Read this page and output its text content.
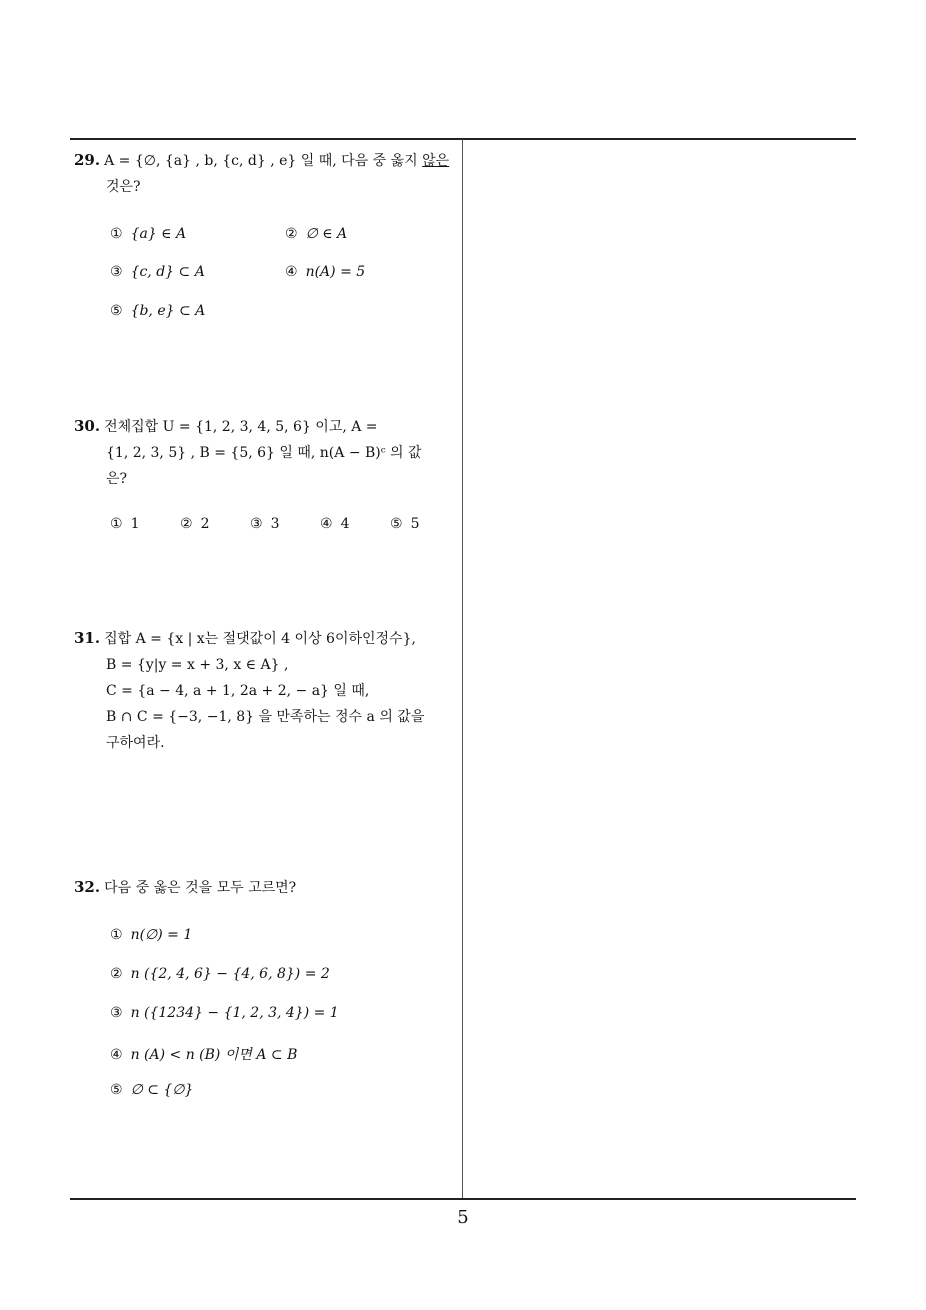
29. A = {∅, {a} , b, {c, d} , e} 일 때, 다음 중 옳지 않은
것은?
① {a} ∈ A	② ∅ ∈ A
③ {c, d} ⊂ A	④ n(A) = 5
⑤ {b, e} ⊂ A
30. 전체집합 U = {1, 2, 3, 4, 5, 6} 이고, A =
{1, 2, 3, 5} , B = {5, 6} 일 때, n(A − B)ᶜ 의 값
은?
① 1	② 2	③ 3	④ 4	⑤ 5
31. 집합 A = {x | x는 절댓값이 4 이상 6이하인정수},
B = {y|y = x + 3, x ∈ A} ,
C = {a − 4, a + 1, 2a + 2, − a} 일 때,
B ∩ C = {−3, −1, 8} 을 만족하는 정수 a 의 값을
구하여라.
32. 다음 중 옳은 것을 모두 고르면?
① n(∅) = 1
② n ({2, 4, 6} − {4, 6, 8}) = 2
③ n ({1234} − {1, 2, 3, 4}) = 1
④ n (A) < n (B) 이면 A ⊂ B
⑤ ∅ ⊂ {∅}
5
